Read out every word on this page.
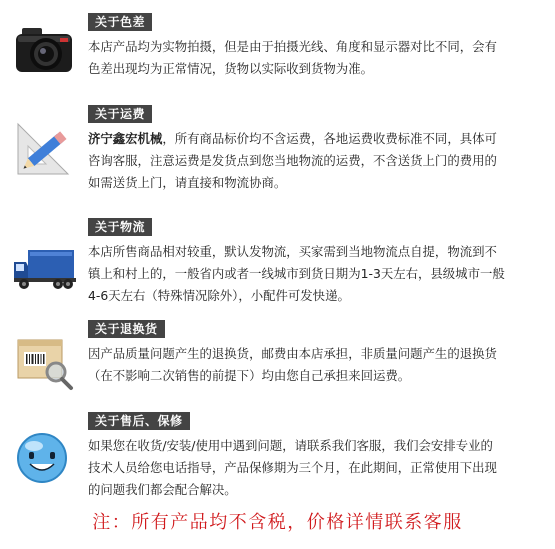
关于色差
本店产品均为实物拍摄，但是由于拍摄光线、角度和显示器对比不同，会有
色差出现均为正常情况，货物以实际收到货物为准。
关于运费
济宁鑫宏机械，所有商品标价均不含运费，各地运费收费标准不同，具体可
咨询客服，注意运费是发货点到您当地物流的运费，不含送货上门的费用的
如需送货上门，请直接和物流协商。
关于物流
本店所售商品相对较重，默认发物流，买家需到当地物流点自提，物流到不
镇上和村上的，一般省内或者一线城市到货日期为1-3天左右，县级城市一般
4-6天左右（特殊情况除外），小配件可发快递。
关于退换货
因产品质量问题产生的退换货，邮费由本店承担，非质量问题产生的退换货
（在不影响二次销售的前提下）均由您自己承担来回运费。
关于售后、保修
如果您在收货/安装/使用中遇到问题，请联系我们客服，我们会安排专业的
技术人员给您电话指导，产品保修期为三个月，在此期间，正常使用下出现
的问题我们都会配合解决。
注：所有产品均不含税，价格详情联系客服
